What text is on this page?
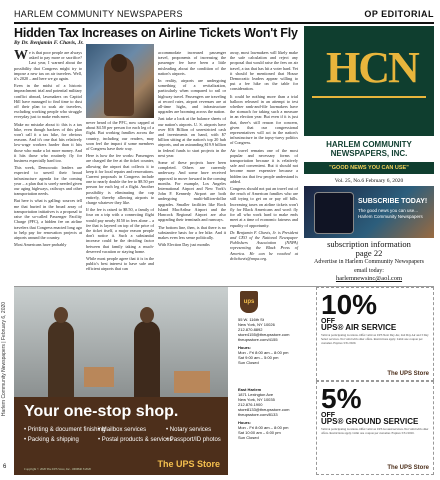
Harlem Community Newspapers | February 6, 2020
6
HARLEM COMMUNITY NEWSPAPERS	OP EDITORIAL
Hidden Tax Increases on Airline Tickets Won't Fly
By Dr. Benjamin F. Chavis, Jr.

We is that poor people are always asked to pay more or sacrifice? Last year, I warned about the possibility that Congress might try to impose a new tax on air travelers. Well, it's 2020 – and here we go again.

Even in the midst of a historic impeachment trial and potential military conflict abroad, lawmakers on Capitol Hill have managed to find time to dust off their plan to soak air travelers, excluding working people who struggle everyday just to make ends meet.

Make no mistake about it: this is a tax hike, even though backers of this plan won't call it a tax hike, for obvious reasons. And it's one that hits relatively low-wage workers harder than it hits those who make a lot more money. And it hits those who routinely fly for business especially hard too.

This week, Democratic leaders are expected to unveil their broad infrastructure agenda for the coming year – a plan that is sorely needed given our aging highways, railways and other transportation needs.

But here is what is galling: sources tell me that buried in the broad array of transportation initiatives is a proposal to raise the so-called Passenger Facility Charge (PFC), a hidden fee on airline travelers that Congress enacted long ago to help pay for renovation projects at airports around the country.

Most Americans have probably

never heard of the PFC, now capped at about $4.50 per person for each leg of a flight. But working families across the country, including our readers, may soon feel the impact if some members of Congress have their way.

Here is how the fee works: Passengers are charged the fee at the ticket counter, allowing the airport that collects it to keep it for local repairs and renovations. Current proposals in Congress include one to nearly double the fee to $8.50 per person for each leg of a flight. Another possibility is eliminating the cap entirely, thereby allowing airports to charge whatever they like.

If the fee is raised to $8.50, a family of four on a trip with a connecting flight would pay nearly $150 in fees alone – a fee that is layered on top of the price of the ticket itself, a major reason people don't notice it. Such a substantial increase could be the deciding factor between that family taking a much-deserved vacation or staying home.

While most people agree that it is in the public's best interest to have safe and efficient airports that can

accommodate increased passenger travel, proponents of increasing the passenger fee have been a little misleading about the condition of the nation's airports.

In reality, airports are undergoing something of a revitalization, particularly when compared to rail or highway travel. Passengers are traveling at record rates, airport revenues are at all-time highs, and infrastructure upgrades are booming across the nation.

Just take a look at the balance sheets of our nation's airports. U. S. airports have over $16 Billion of unrestricted cash and investments on hand, with $7 billion sitting at the nation's top 20 hub airports, and an astounding $19.9 billion in federal funds to start projects in the next year.

Some of these projects have been completed. Others are currently underway. And some have received approval to move forward in the coming months. For example, Los Angeles International Airport and New York's John F. Kennedy Airport are both undergoing multi-billion-dollar upgrades. Smaller facilities like Rock Island MacArthur Airport and the Hancock Regional Airport are also upgrading their terminals and runways.

The bottom line, then, is that there is no substantive basis for a fee hike. And it makes even less sense politically.

With Election Day just months

away, most lawmakers will likely make the safe calculation and reject any proposal that would raise the fees on air travel, a tax that has hit a voter hard. Yet it should be mentioned that House Democratic leaders appear willing to put a fee hike on the table for consideration.

It could be nothing more than a trial balloon released in an attempt to test whether rank-and-file lawmakers have the stomach for taking such a measure in an election year. But even if it is just that, there's still reason for concern, given that our congressional representatives will act in the nation's infrastructure in the topsy-turvy politics of Congress.

Air travel remains one of the most popular and necessary forms of transportation because it is relatively safe and convenient. But it should not become more expensive because a hidden tax that few people understand is added.

Congress should not put an travel out of the reach of American families who are still trying to get on or pay off bills. Increasing taxes on airline tickets won't fly for Black Americans and won't fly for all who work hard to make ends meet at a time of economic fairness and equality of opportunity.

Dr. Benjamin F. Chavis, Jr. is President and CEO of the National Newspaper Publishers Association (NNPA) representing the Black Press of America. He can be reached at dr.bchavis@nnpa.org.

HCN
HARLEM COMMUNITY
NEWSPAPERS, INC.
"GOOD NEWS YOU CAN USE"
Vol. 25, No.6 February 6, 2020
SUBSCRIBE TODAY!
The good news you can use... Harlem Community Newspapers
subscription information
page 22
Advertise in Harlem Community Newspapers
email today:
harlemnewsinc@aol.com
Your one-stop shop.
• Printing & document finishing
• Packing & shipping
• Mailbox services
• Postal products & services
• Notary services
• Passport/ID photos
The UPS Store
Copyright © 2020 The UPS Store, Inc. 1000840 3/2020
ups
55 W. 116th St
New York, NY 10026
212.870.8892
store4155@theupsstore.com
theupsstore.com/4155
Hours:
Mon - Fri 8:00 am – 8:00 pm
Sat 9:00 am – 5:00 pm
Sun Closed
East Harlem
1871 Lexington Ave
New York, NY 10035
212.876.1900
store8133@theupsstore.com
theupsstore.com/8133
Hours:
Mon - Fri 8:00 am – 8:00 pm
Sat 10:00 am – 6:00 pm
Sun Closed
10%
OFF
UPS® AIR SERVICE
Valid at participating locations. Offer valid on UPS Next Day Air, 2nd Day Air and 3 Day Select services. Not valid with other offers. Restrictions apply. Limit one coupon per customer. Expires 3/31/2020.
The UPS Store
5%
OFF
UPS® GROUND SERVICE
Valid at participating locations. Offer valid on UPS Ground services. Not valid with other offers. Restrictions apply. Limit one coupon per customer. Expires 3/31/2020.
The UPS Store
